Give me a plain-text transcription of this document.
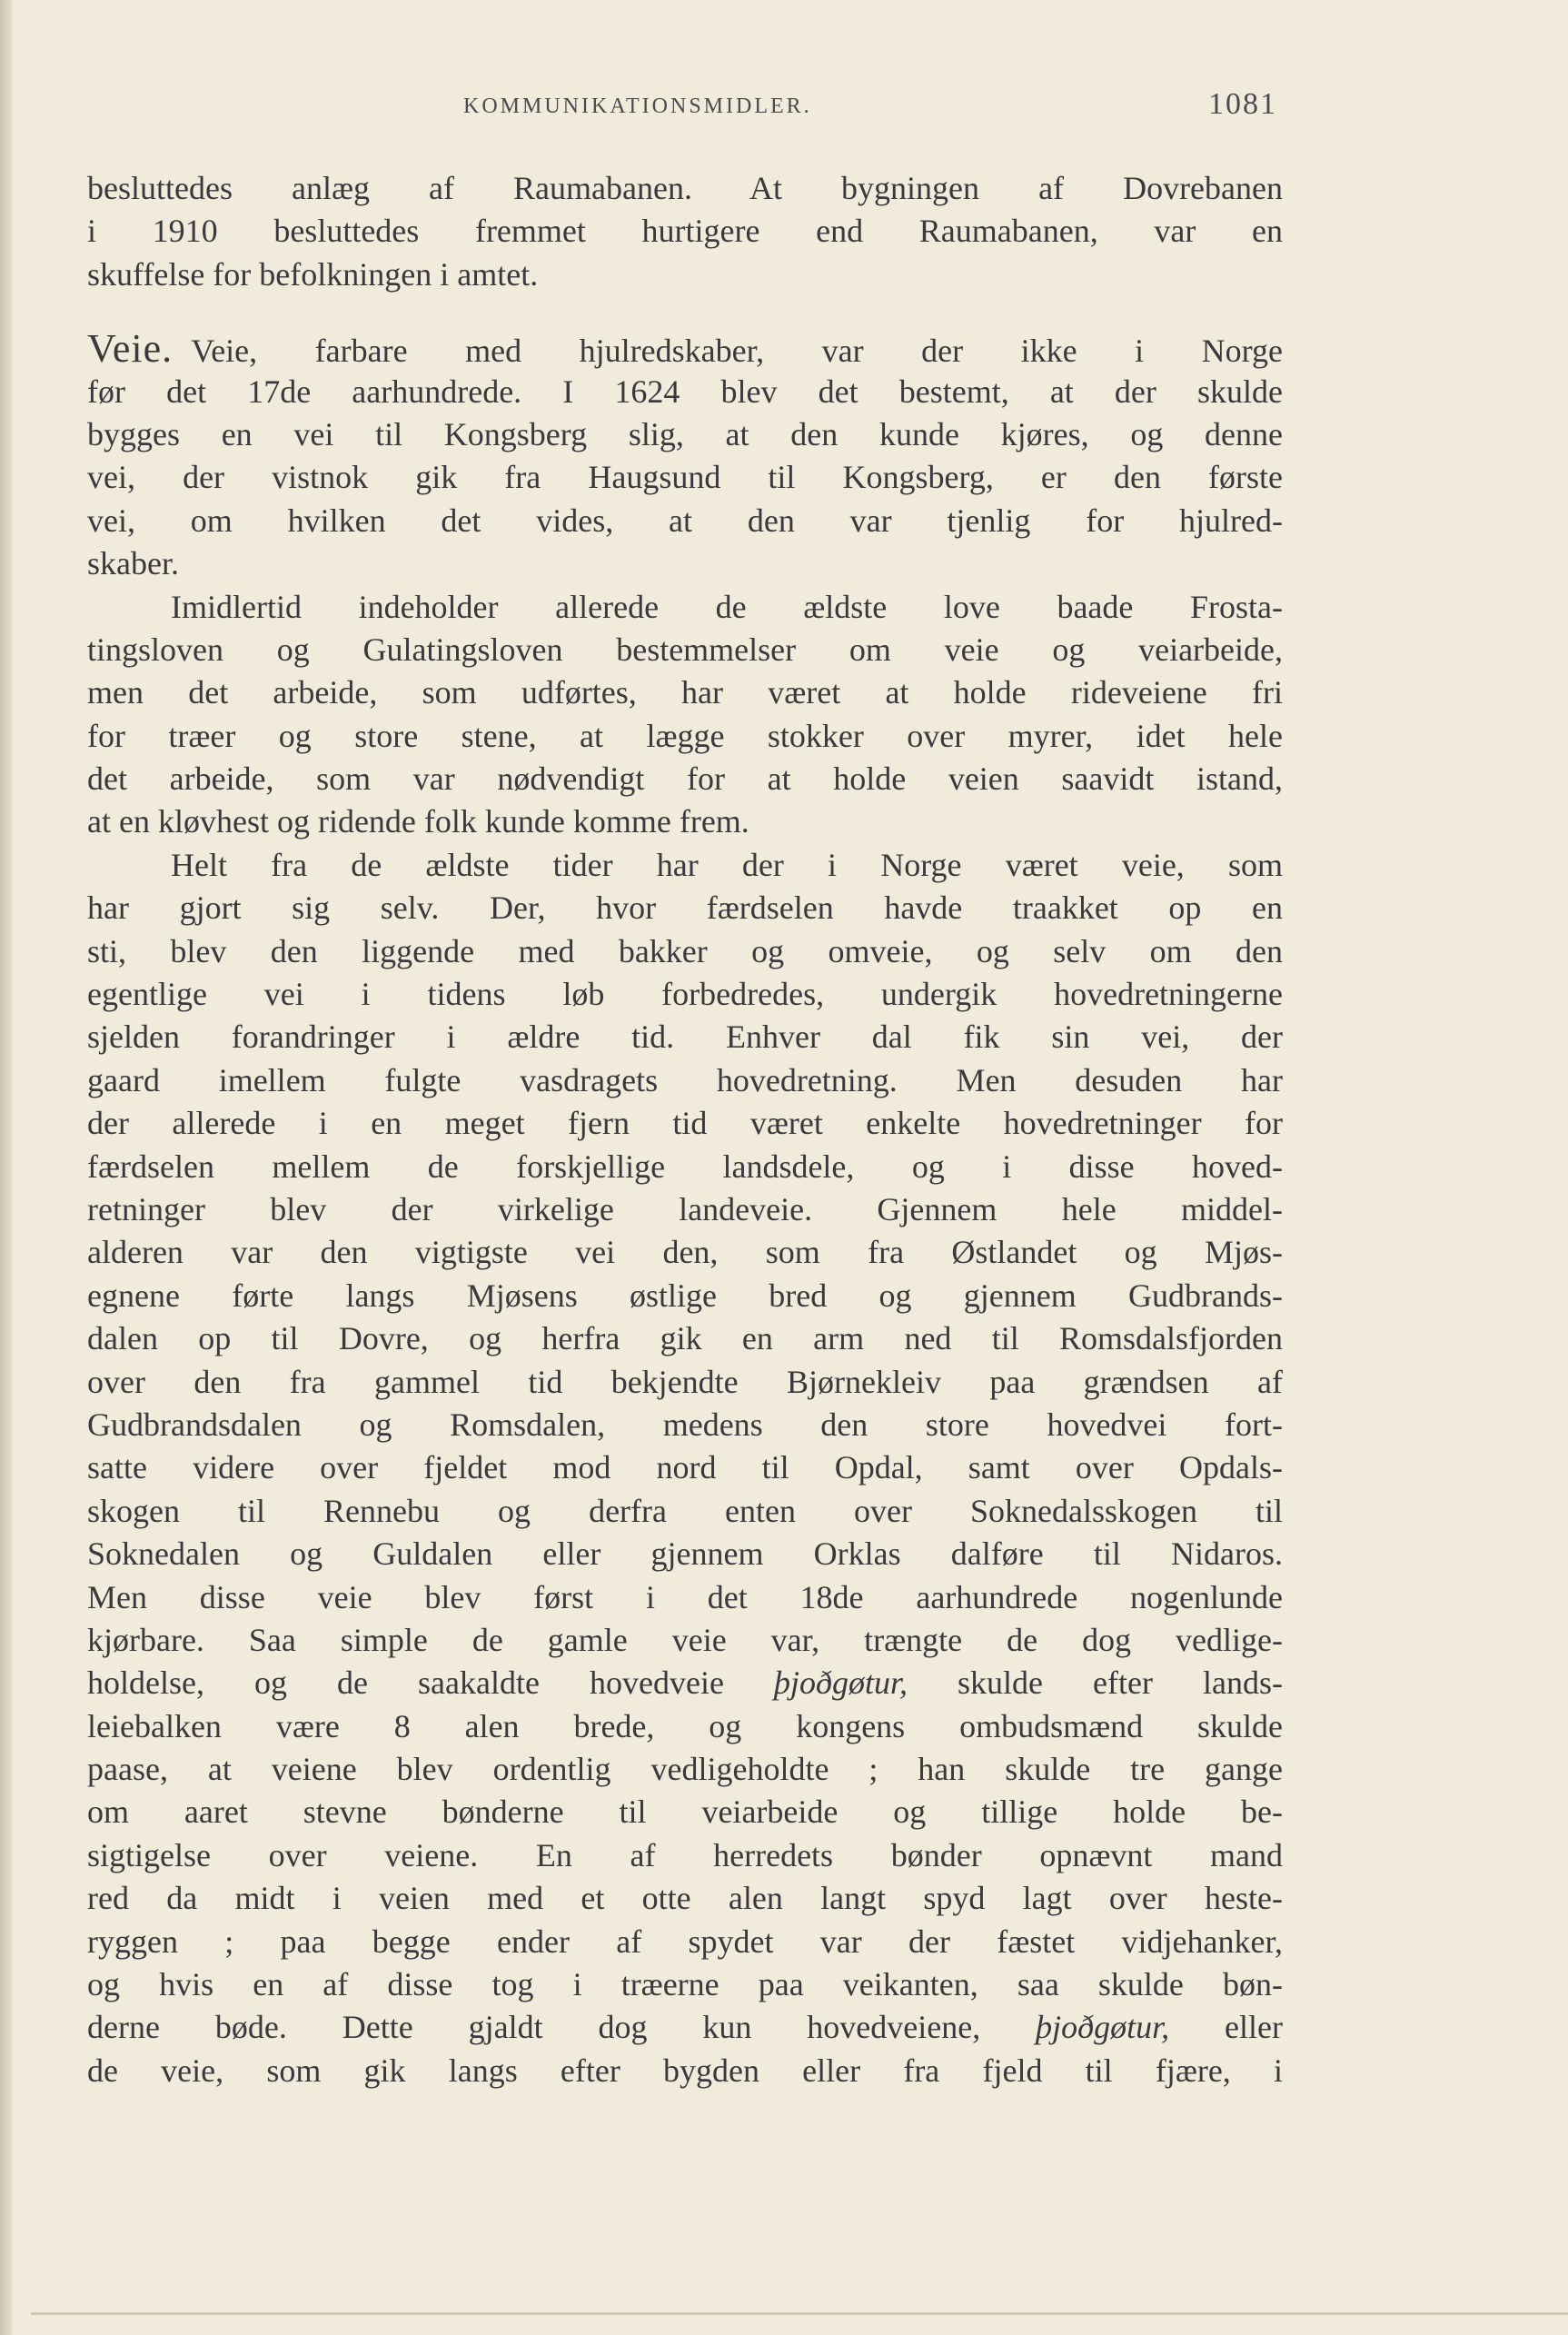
KOMMUNIKATIONSMIDLER.	1081
besluttedes anlæg af Raumabanen. At bygningen af Dovrebanen
i 1910 besluttedes fremmet hurtigere end Raumabanen, var en
skuffelse for befolkningen i amtet.
Veie. Veie, farbare med hjulredskaber, var der ikke i Norge
før det 17de aarhundrede. I 1624 blev det bestemt, at der skulde
bygges en vei til Kongsberg slig, at den kunde kjøres, og denne
vei, der vistnok gik fra Haugsund til Kongsberg, er den første
vei, om hvilken det vides, at den var tjenlig for hjulred-
skaber.
Imidlertid indeholder allerede de ældste love baade Frosta-
tingsloven og Gulatingsloven bestemmelser om veie og veiarbeide,
men det arbeide, som udførtes, har været at holde rideveiene fri
for træer og store stene, at lægge stokker over myrer, idet hele
det arbeide, som var nødvendigt for at holde veien saavidt istand,
at en kløvhest og ridende folk kunde komme frem.
Helt fra de ældste tider har der i Norge været veie, som
har gjort sig selv. Der, hvor færdselen havde traakket op en
sti, blev den liggende med bakker og omveie, og selv om den
egentlige vei i tidens løb forbedredes, undergik hovedretningerne
sjelden forandringer i ældre tid. Enhver dal fik sin vei, der
gaard imellem fulgte vasdragets hovedretning. Men desuden har
der allerede i en meget fjern tid været enkelte hovedretninger for
færdselen mellem de forskjellige landsdele, og i disse hoved-
retninger blev der virkelige landeveie. Gjennem hele middel-
alderen var den vigtigste vei den, som fra Østlandet og Mjøs-
egnene førte langs Mjøsens østlige bred og gjennem Gudbrands-
dalen op til Dovre, og herfra gik en arm ned til Romsdalsfjorden
over den fra gammel tid bekjendte Bjørnekleiv paa grændsen af
Gudbrandsdalen og Romsdalen, medens den store hovedvei fort-
satte videre over fjeldet mod nord til Opdal, samt over Opdals-
skogen til Rennebu og derfra enten over Soknedalsskogen til
Soknedalen og Guldalen eller gjennem Orklas dalføre til Nidaros.
Men disse veie blev først i det 18de aarhundrede nogenlunde
kjørbare. Saa simple de gamle veie var, trængte de dog vedlige-
holdelse, og de saakaldte hovedveie þjoðgøtur, skulde efter lands-
leiebalken være 8 alen brede, og kongens ombudsmænd skulde
paase, at veiene blev ordentlig vedligeholdte ; han skulde tre gange
om aaret stevne bønderne til veiarbeide og tillige holde be-
sigtigelse over veiene. En af herredets bønder opnævnt mand
red da midt i veien med et otte alen langt spyd lagt over heste-
ryggen ; paa begge ender af spydet var der fæstet vidjehanker,
og hvis en af disse tog i træerne paa veikanten, saa skulde bøn-
derne bøde. Dette gjaldt dog kun hovedveiene, þjoðgøtur, eller
de veie, som gik langs efter bygden eller fra fjeld til fjære, i
